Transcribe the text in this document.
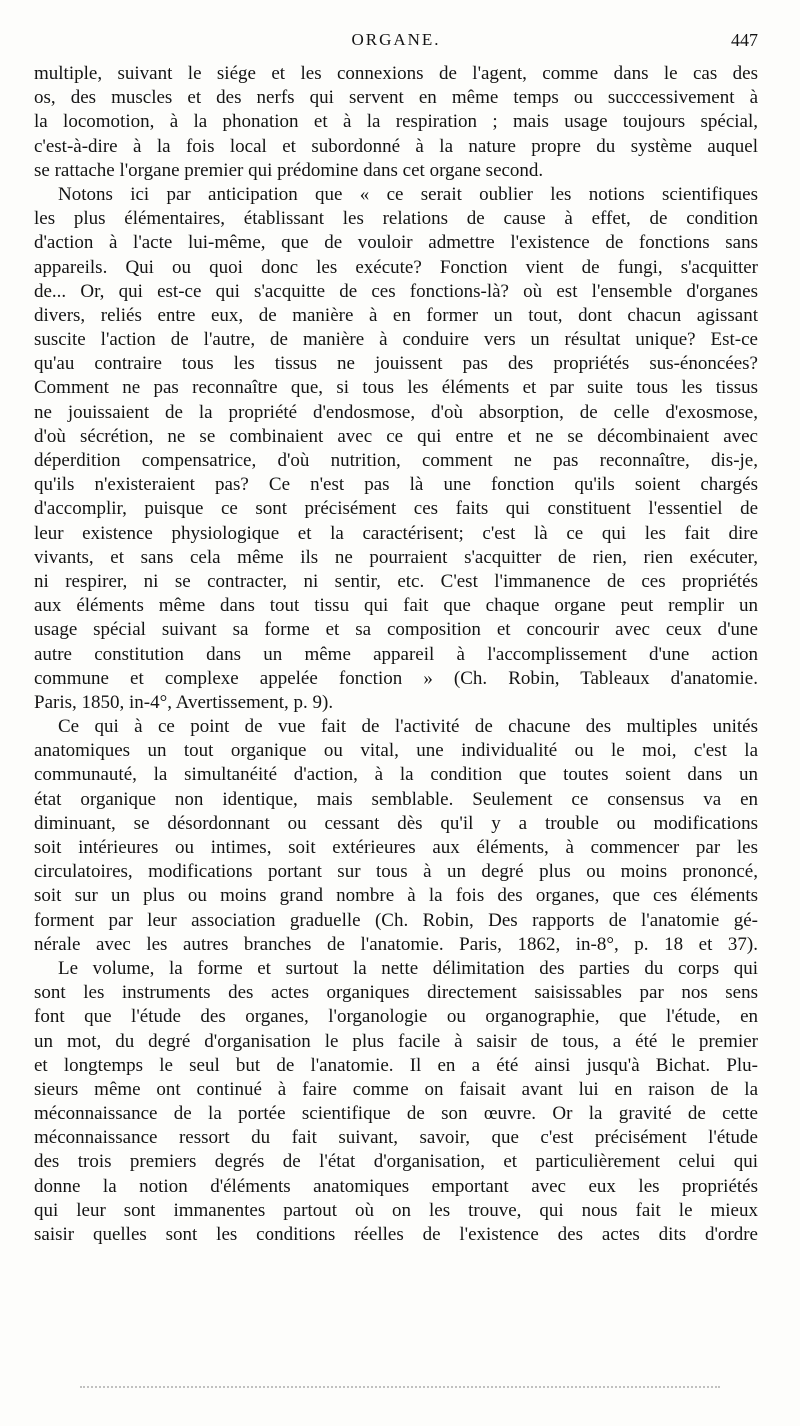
ORGANE.	447
multiple, suivant le siége et les connexions de l'agent, comme dans le cas des
os, des muscles et des nerfs qui servent en même temps ou succcessivement à
la locomotion, à la phonation et à la respiration ; mais usage toujours spécial,
c'est-à-dire à la fois local et subordonné à la nature propre du système auquel
se rattache l'organe premier qui prédomine dans cet organe second.
Notons ici par anticipation que « ce serait oublier les notions scientifiques
les plus élémentaires, établissant les relations de cause à effet, de condition
d'action à l'acte lui-même, que de vouloir admettre l'existence de fonctions sans
appareils. Qui ou quoi donc les exécute? Fonction vient de fungi, s'acquitter
de... Or, qui est-ce qui s'acquitte de ces fonctions-là? où est l'ensemble d'organes
divers, reliés entre eux, de manière à en former un tout, dont chacun agissant
suscite l'action de l'autre, de manière à conduire vers un résultat unique? Est-ce
qu'au contraire tous les tissus ne jouissent pas des propriétés sus-énoncées?
Comment ne pas reconnaître que, si tous les éléments et par suite tous les tissus
ne jouissaient de la propriété d'endosmose, d'où absorption, de celle d'exosmose,
d'où sécrétion, ne se combinaient avec ce qui entre et ne se décombinaient avec
déperdition compensatrice, d'où nutrition, comment ne pas reconnaître, dis-je,
qu'ils n'existeraient pas? Ce n'est pas là une fonction qu'ils soient chargés
d'accomplir, puisque ce sont précisément ces faits qui constituent l'essentiel de
leur existence physiologique et la caractérisent; c'est là ce qui les fait dire
vivants, et sans cela même ils ne pourraient s'acquitter de rien, rien exécuter,
ni respirer, ni se contracter, ni sentir, etc. C'est l'immanence de ces propriétés
aux éléments même dans tout tissu qui fait que chaque organe peut remplir un
usage spécial suivant sa forme et sa composition et concourir avec ceux d'une
autre constitution dans un même appareil à l'accomplissement d'une action
commune et complexe appelée fonction » (Ch. Robin, Tableaux d'anatomie.
Paris, 1850, in-4°, Avertissement, p. 9).
Ce qui à ce point de vue fait de l'activité de chacune des multiples unités
anatomiques un tout organique ou vital, une individualité ou le moi, c'est la
communauté, la simultanéité d'action, à la condition que toutes soient dans un
état organique non identique, mais semblable. Seulement ce consensus va en
diminuant, se désordonnant ou cessant dès qu'il y a trouble ou modifications
soit intérieures ou intimes, soit extérieures aux éléments, à commencer par les
circulatoires, modifications portant sur tous à un degré plus ou moins prononcé,
soit sur un plus ou moins grand nombre à la fois des organes, que ces éléments
forment par leur association graduelle (Ch. Robin, Des rapports de l'anatomie gé-
nérale avec les autres branches de l'anatomie. Paris, 1862, in-8°, p. 18 et 37).
Le volume, la forme et surtout la nette délimitation des parties du corps qui
sont les instruments des actes organiques directement saisissables par nos sens
font que l'étude des organes, l'organologie ou organographie, que l'étude, en
un mot, du degré d'organisation le plus facile à saisir de tous, a été le premier
et longtemps le seul but de l'anatomie. Il en a été ainsi jusqu'à Bichat. Plu-
sieurs même ont continué à faire comme on faisait avant lui en raison de la
méconnaissance de la portée scientifique de son œuvre. Or la gravité de cette
méconnaissance ressort du fait suivant, savoir, que c'est précisément l'étude
des trois premiers degrés de l'état d'organisation, et particulièrement celui qui
donne la notion d'éléments anatomiques emportant avec eux les propriétés
qui leur sont immanentes partout où on les trouve, qui nous fait le mieux
saisir quelles sont les conditions réelles de l'existence des actes dits d'ordre
